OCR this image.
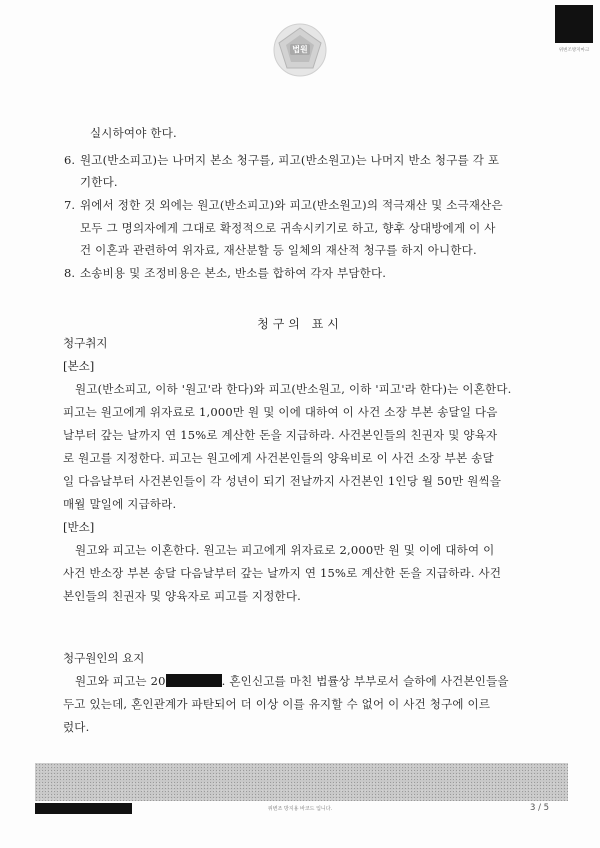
법원	위변조방지마크
실시하여야 한다.
6. 원고(반소피고)는 나머지 본소 청구를, 피고(반소원고)는 나머지 반소 청구를 각 포
기한다.
7. 위에서 정한 것 외에는 원고(반소피고)와 피고(반소원고)의 적극재산 및 소극재산은
모두 그 명의자에게 그대로 확정적으로 귀속시키기로 하고, 향후 상대방에게 이 사
건 이혼과 관련하여 위자료, 재산분할 등 일체의 재산적 청구를 하지 아니한다.
8. 소송비용 및 조정비용은 본소, 반소를 합하여 각자 부담한다.
청구의 표시
청구취지
[본소]
원고(반소피고, 이하 '원고'라 한다)와 피고(반소원고, 이하 '피고'라 한다)는 이혼한다.
피고는 원고에게 위자료로 1,000만 원 및 이에 대하여 이 사건 소장 부본 송달일 다음
날부터 갚는 날까지 연 15%로 계산한 돈을 지급하라. 사건본인들의 친권자 및 양육자
로 원고를 지정한다. 피고는 원고에게 사건본인들의 양육비로 이 사건 소장 부본 송달
일 다음날부터 사건본인들이 각 성년이 되기 전날까지 사건본인 1인당 월 50만 원씩을
매월 말일에 지급하라.
[반소]
원고와 피고는 이혼한다. 원고는 피고에게 위자료로 2,000만 원 및 이에 대하여 이
사건 반소장 부본 송달 다음날부터 갚는 날까지 연 15%로 계산한 돈을 지급하라. 사건
본인들의 친권자 및 양육자로 피고를 지정한다.
청구원인의 요지
원고와 피고는 20	. 혼인신고를 마친 법률상 부부로서 슬하에 사건본인들을
두고 있는데, 혼인관계가 파탄되어 더 이상 이를 유지할 수 없어 이 사건 청구에 이르
렀다.
위변조 방지용 바코드 입니다.	3 / 5
